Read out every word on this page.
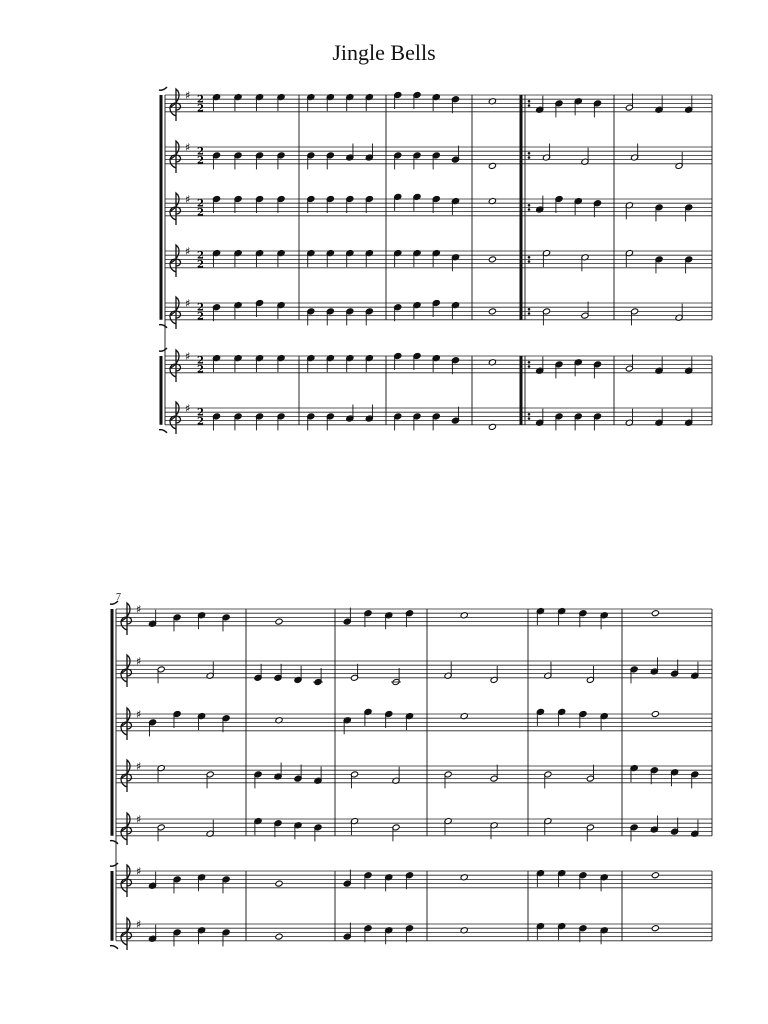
Jingle Bells
7
♯ 2
2
♯ 2
2
♯ 2
2
♯ 2
2
♯ 2
2
♯ 2
2
♯ 2
2
♯
♯
♯
♯
♯
♯
♯
